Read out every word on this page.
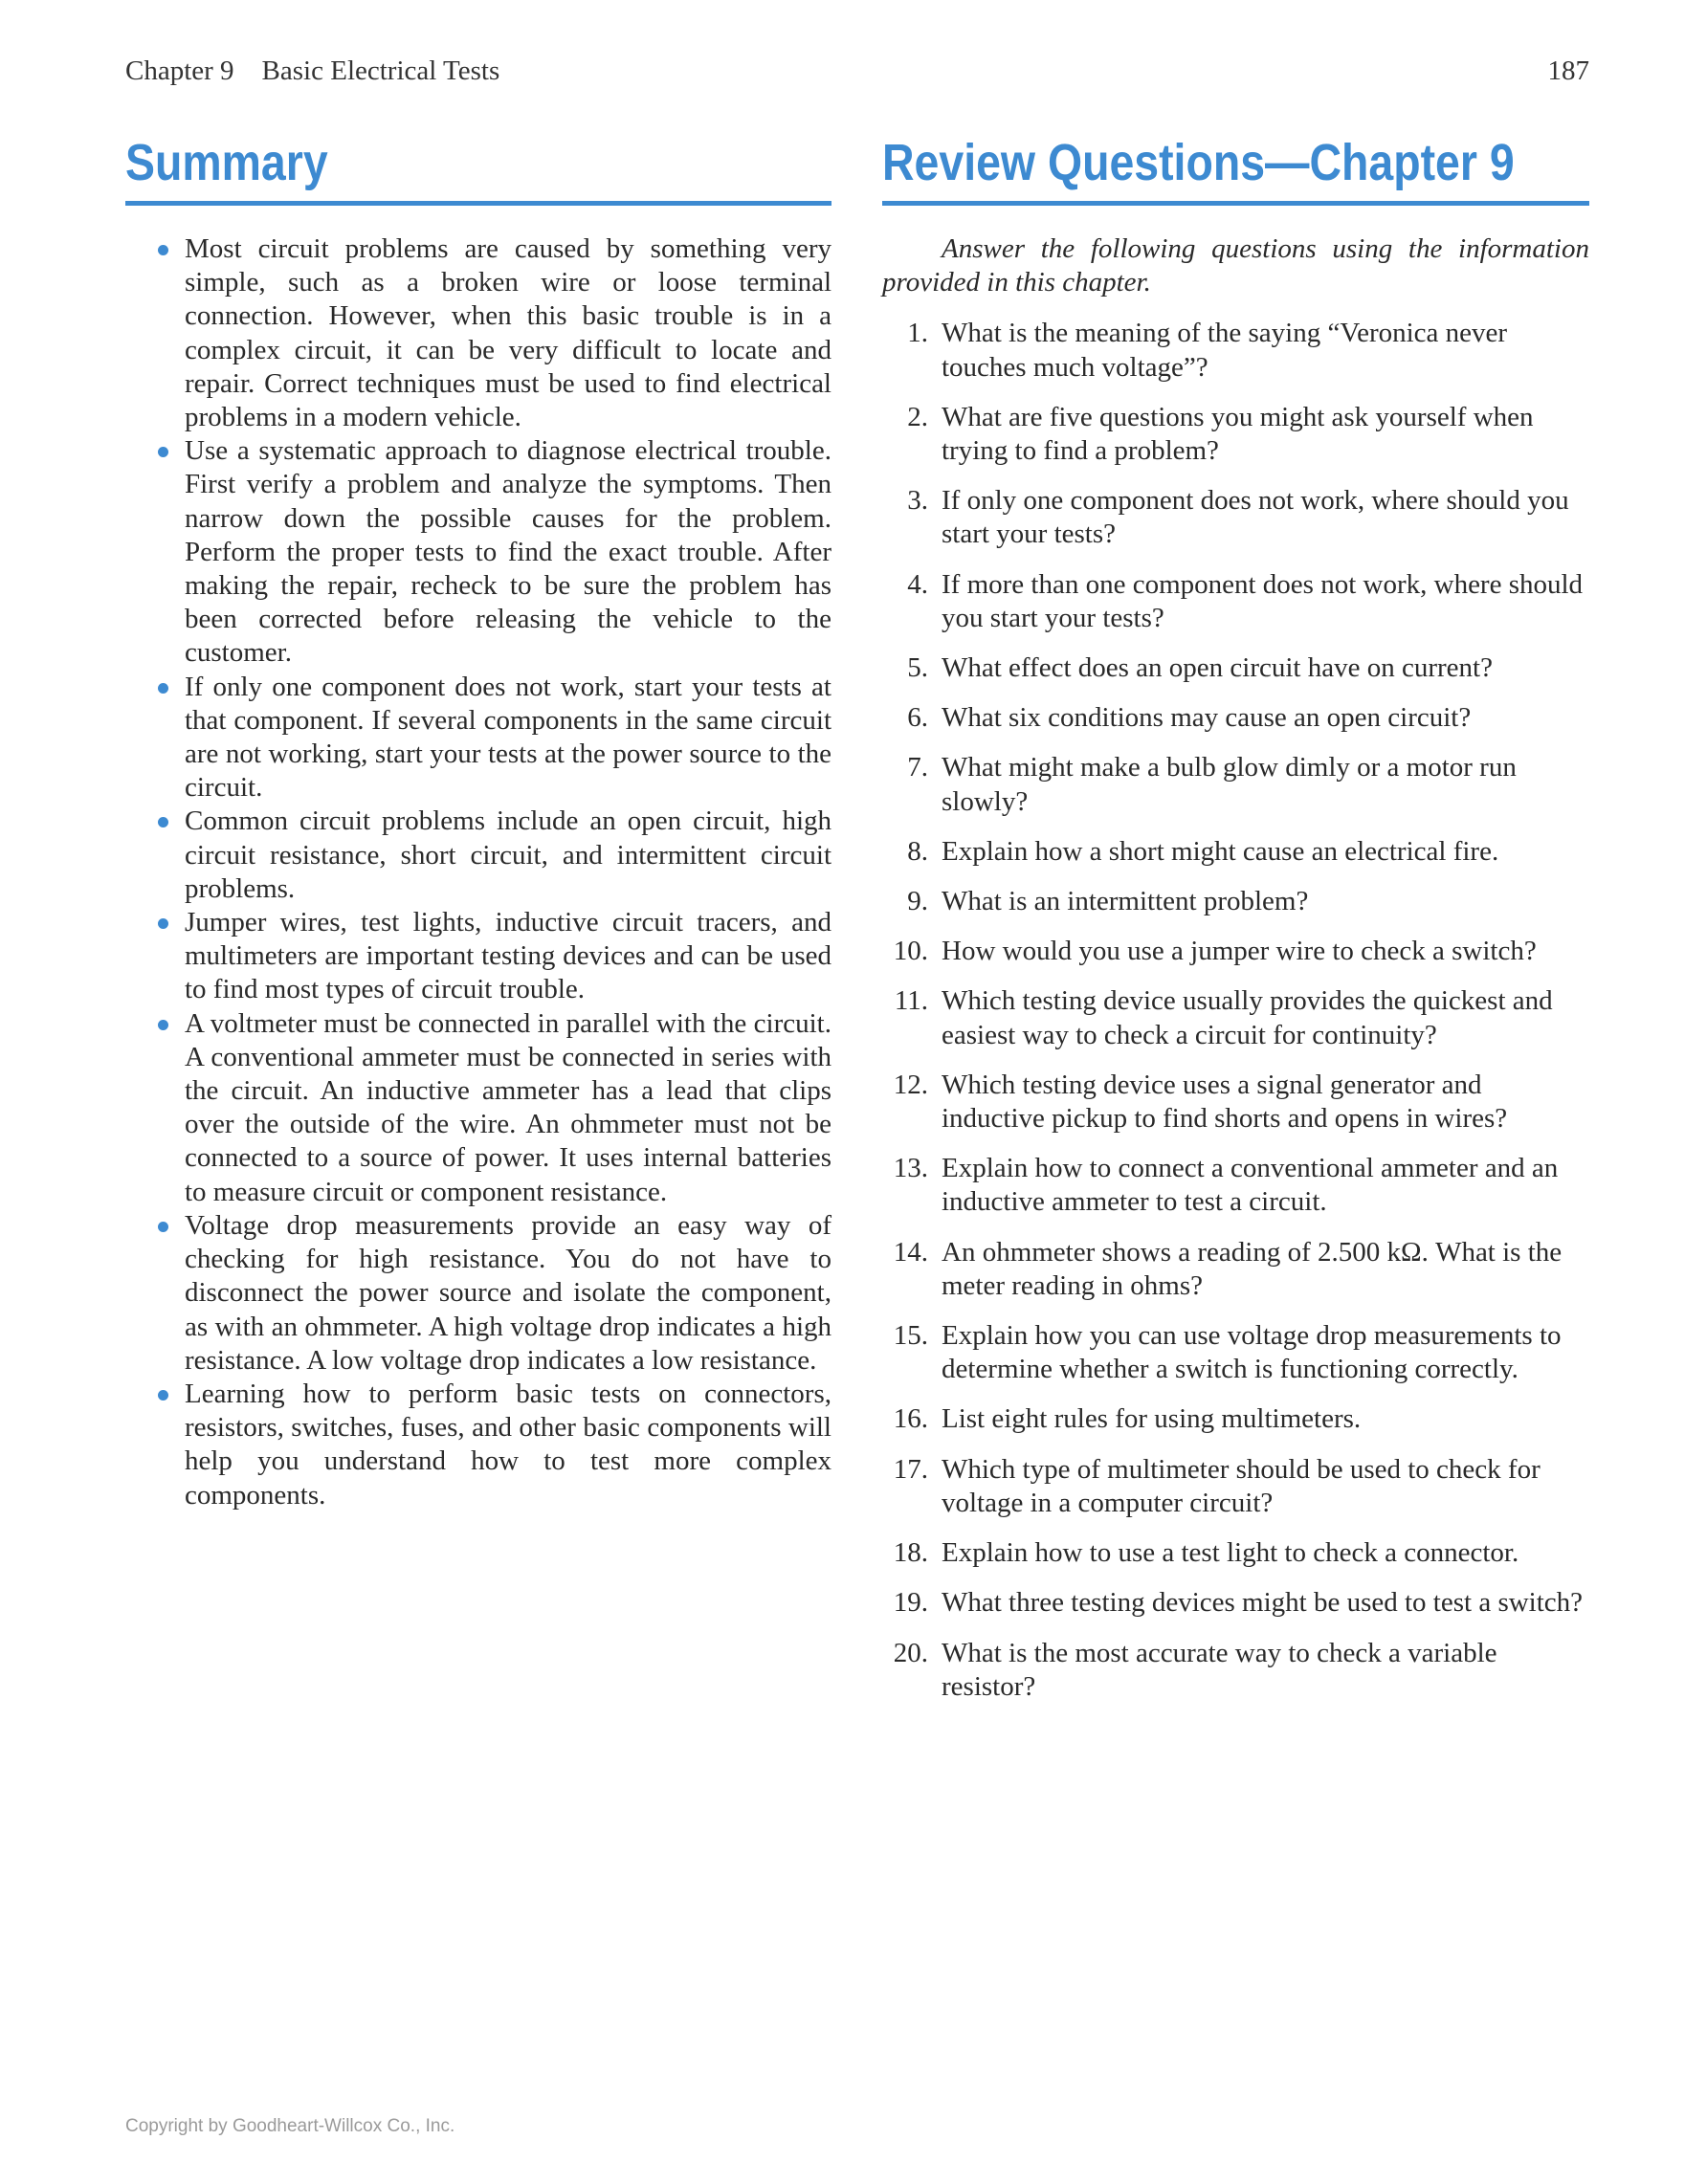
Chapter 9    Basic Electrical Tests	187
Summary
Most circuit problems are caused by something very simple, such as a broken wire or loose terminal connection. However, when this basic trouble is in a complex circuit, it can be very difficult to locate and repair. Correct techniques must be used to find electrical problems in a modern vehicle.
Use a systematic approach to diagnose electrical trouble. First verify a problem and analyze the symptoms. Then narrow down the possible causes for the problem. Perform the proper tests to find the exact trouble. After making the repair, recheck to be sure the problem has been corrected before releasing the vehicle to the customer.
If only one component does not work, start your tests at that component. If several components in the same circuit are not working, start your tests at the power source to the circuit.
Common circuit problems include an open circuit, high circuit resistance, short circuit, and intermittent circuit problems.
Jumper wires, test lights, inductive circuit tracers, and multimeters are important testing devices and can be used to find most types of circuit trouble.
A voltmeter must be connected in parallel with the circuit. A conventional ammeter must be connected in series with the circuit. An inductive ammeter has a lead that clips over the outside of the wire. An ohmmeter must not be connected to a source of power. It uses internal batteries to measure circuit or component resistance.
Voltage drop measurements provide an easy way of checking for high resistance. You do not have to disconnect the power source and isolate the component, as with an ohmmeter. A high voltage drop indicates a high resistance. A low voltage drop indicates a low resistance.
Learning how to perform basic tests on connectors, resistors, switches, fuses, and other basic components will help you understand how to test more complex components.
Review Questions—Chapter 9

Answer the following questions using the information provided in this chapter.

1. What is the meaning of the saying “Veronica never touches much voltage”?
2. What are five questions you might ask yourself when trying to find a problem?
3. If only one component does not work, where should you start your tests?
4. If more than one component does not work, where should you start your tests?
5. What effect does an open circuit have on current?
6. What six conditions may cause an open circuit?
7. What might make a bulb glow dimly or a motor run slowly?
8. Explain how a short might cause an electrical fire.
9. What is an intermittent problem?
10. How would you use a jumper wire to check a switch?
11. Which testing device usually provides the quickest and easiest way to check a circuit for continuity?
12. Which testing device uses a signal generator and inductive pickup to find shorts and opens in wires?
13. Explain how to connect a conventional ammeter and an inductive ammeter to test a circuit.
14. An ohmmeter shows a reading of 2.500 kΩ. What is the meter reading in ohms?
15. Explain how you can use voltage drop measurements to determine whether a switch is functioning correctly.
16. List eight rules for using multimeters.
17. Which type of multimeter should be used to check for voltage in a computer circuit?
18. Explain how to use a test light to check a connector.
19. What three testing devices might be used to test a switch?
20. What is the most accurate way to check a variable resistor?
Copyright by Goodheart-Willcox Co., Inc.
